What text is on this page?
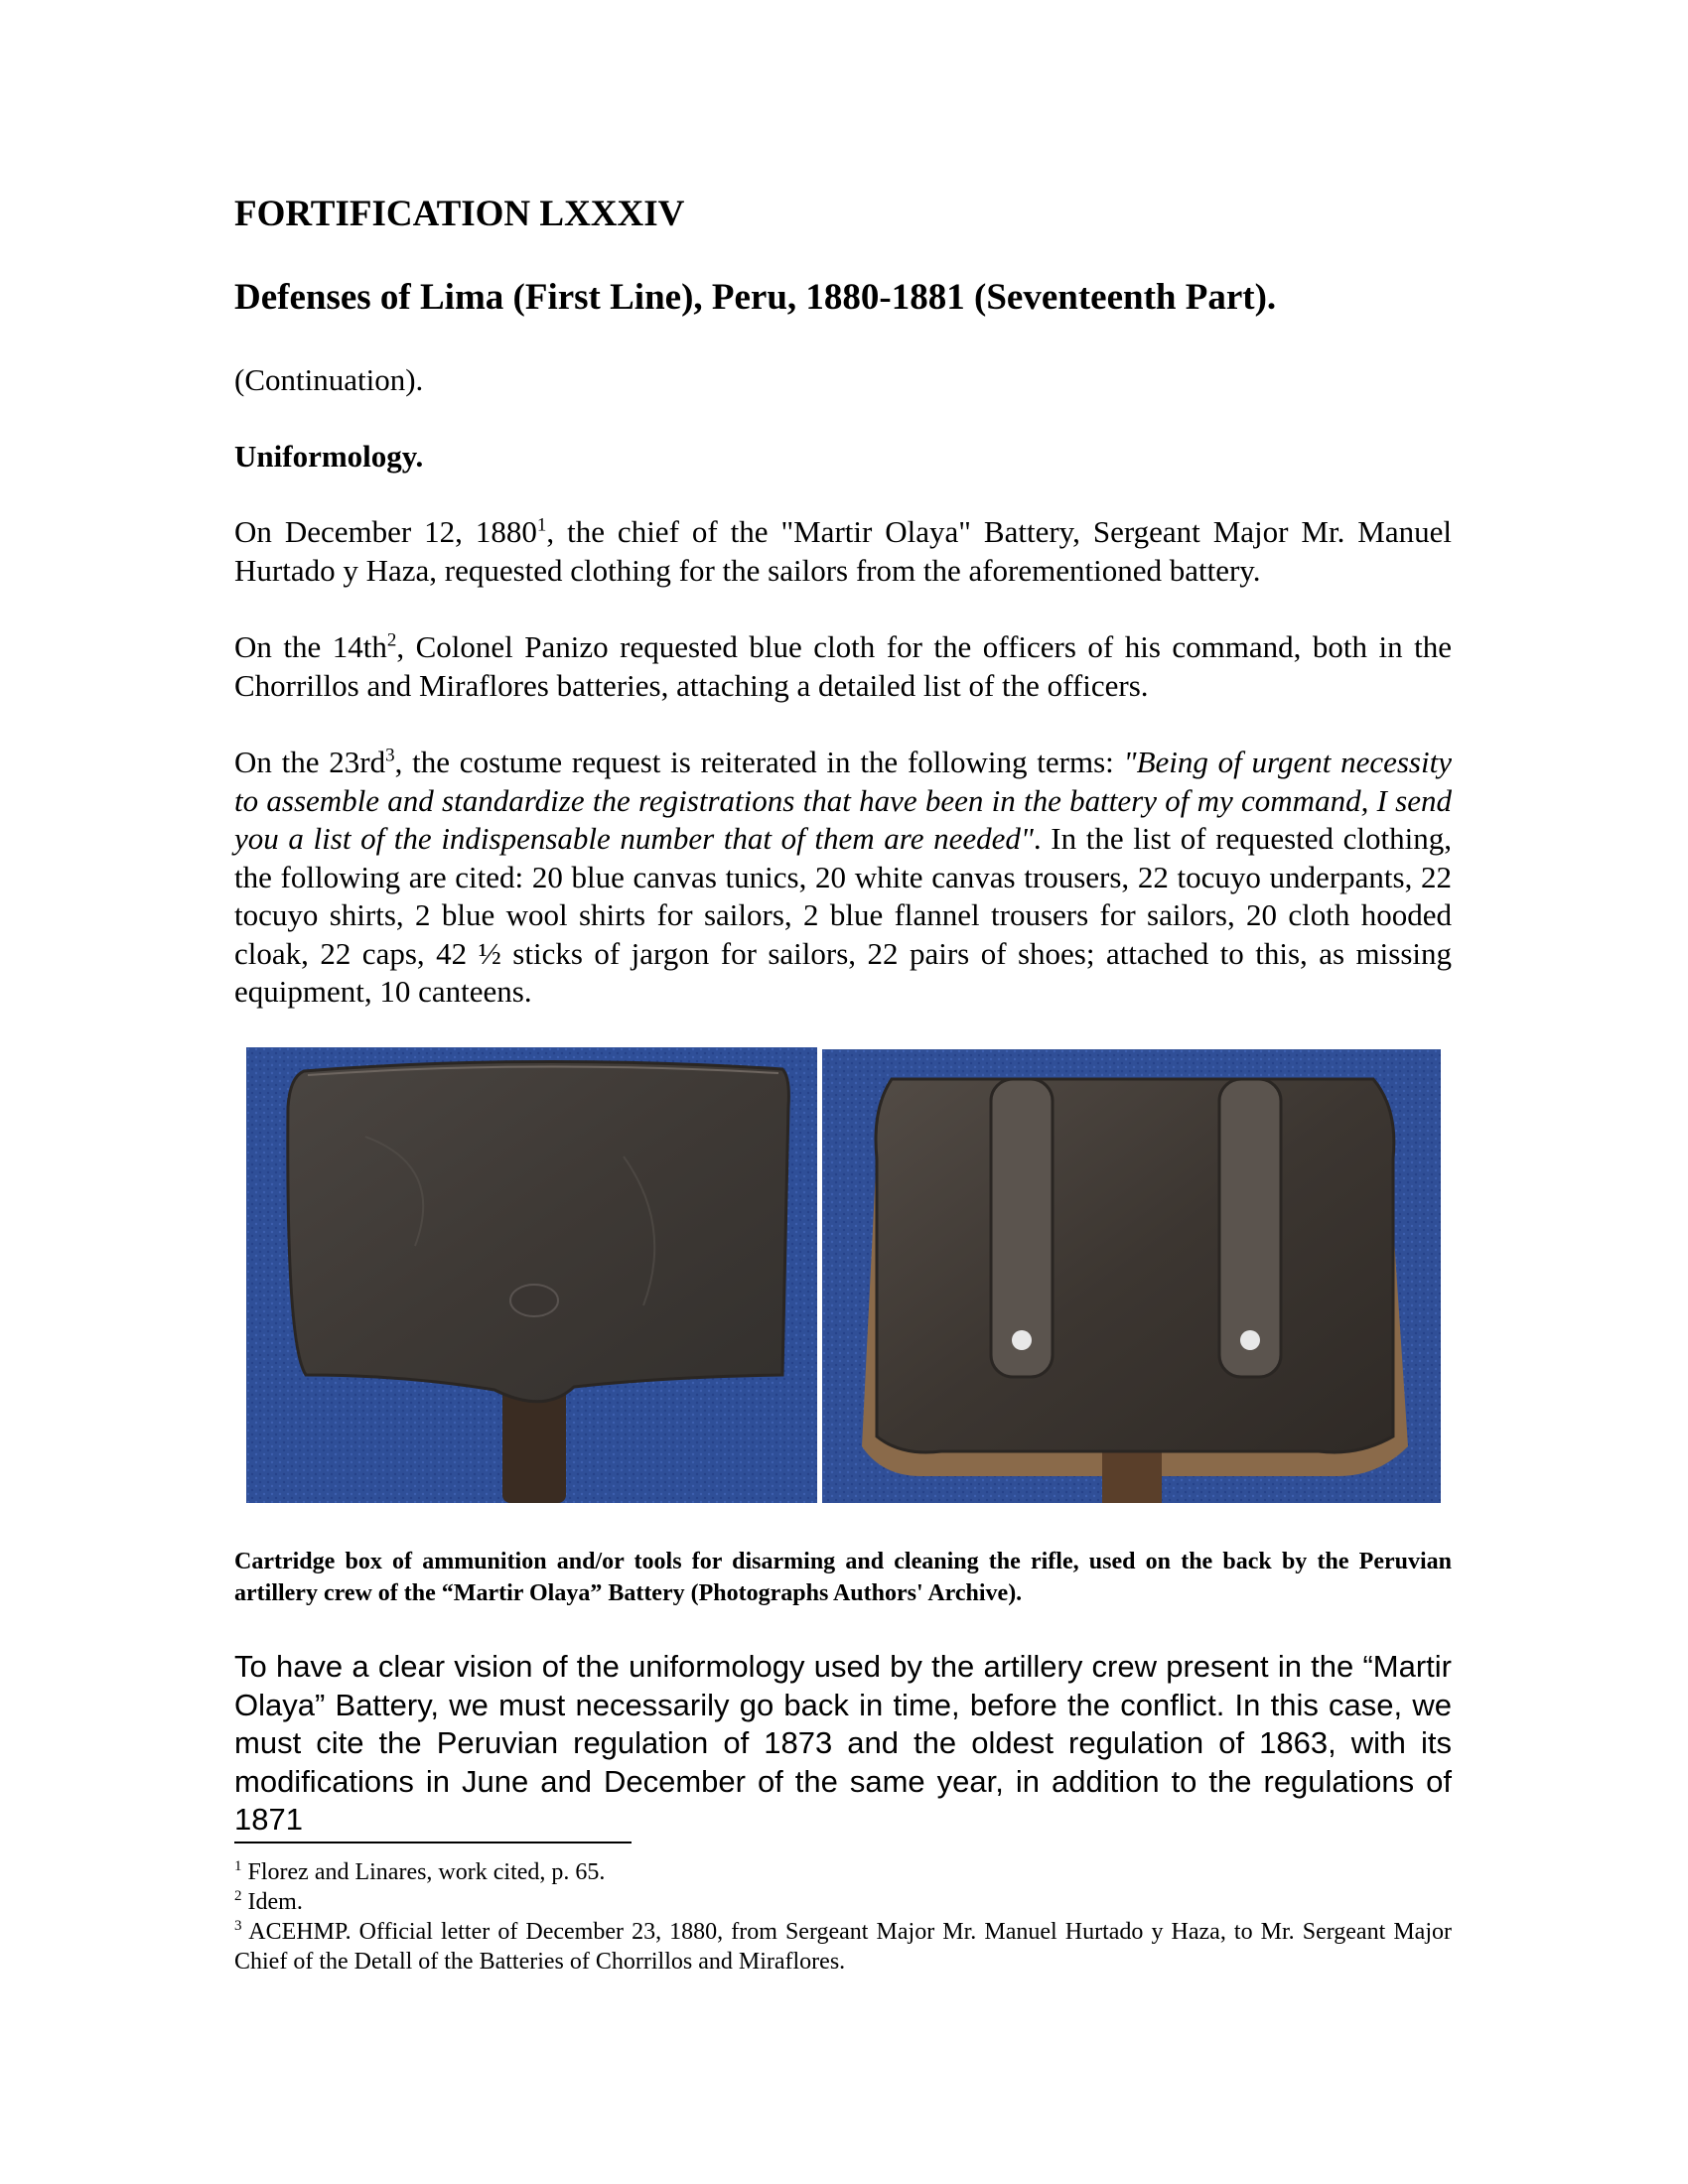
FORTIFICATION LXXXIV
Defenses of Lima (First Line), Peru, 1880-1881 (Seventeenth Part).

(Continuation).

Uniformology.

On December 12, 1880$^1$, the chief of the "Martir Olaya" Battery, Sergeant Major Mr. Manuel Hurtado y Haza, requested clothing for the sailors from the aforementioned battery.

On the $14th^2$, Colonel Panizo requested blue cloth for the officers of his command, both in the Chorrillos and Miraflores batteries, attaching a detailed list of the officers.

On the $23rd^3$, the costume request is reiterated in the following terms: "Being of urgent necessity to assemble and standardize the registrations that have been in the battery of my command, I send you a list of the indispensable number that of them are needed". In the list of requested clothing, the following are cited: 20 blue canvas tunics, 20 white canvas trousers, 22 tocuyo underpants, 22 tocuyo shirts, 2 blue wool shirts for sailors, 2 blue flannel trousers for sailors, 20 cloth hooded cloak, 22 caps, 42 ½ sticks of jargon for sailors, 22 pairs of shoes; attached to this, as missing equipment, 10 canteens.

Cartridge box of ammunition and/or tools for disarming and cleaning the rifle, used on the back by the Peruvian artillery crew of the “Martir Olaya” Battery (Photographs Authors' Archive).

To have a clear vision of the uniformology used by the artillery crew present in the “Martir Olaya” Battery, we must necessarily go back in time, before the conflict. In this case, we must cite the Peruvian regulation of 1873 and the oldest regulation of 1863, with its modifications in June and December of the same year, in addition to the regulations of 1871

$^1$ Florez and Linares, work cited, p. 65.

$^2$ Idem.

$^3$ ACEHMP. Official letter of December 23, 1880, from Sergeant Major Mr. Manuel Hurtado y Haza, to Mr. Sergeant Major Chief of the Detall of the Batteries of Chorrillos and Miraflores.
